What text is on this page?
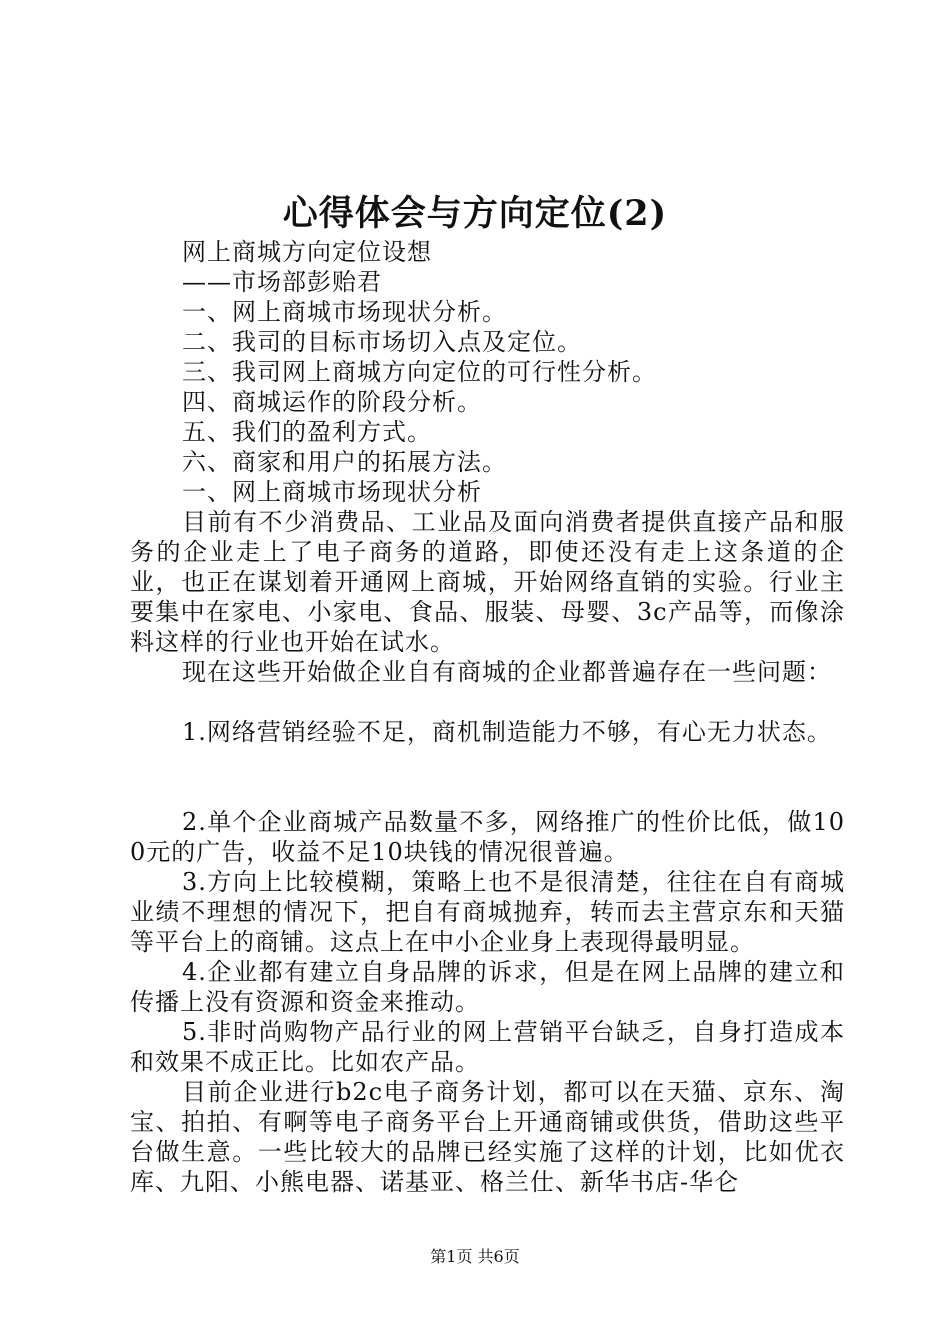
心得体会与方向定位(2)

网上商城方向定位设想

——市场部彭贻君

一、网上商城市场现状分析。

二、我司的目标市场切入点及定位。

三、我司网上商城方向定位的可行性分析。

四、商城运作的阶段分析。

五、我们的盈利方式。

六、商家和用户的拓展方法。

一、网上商城市场现状分析

目前有不少消费品、工业品及面向消费者提供直接产品和服务的企业走上了电子商务的道路，即使还没有走上这条道的企业，也正在谋划着开通网上商城，开始网络直销的实验。行业主要集中在家电、小家电、食品、服装、母婴、3c产品等，而像涂料这样的行业也开始在试水。

现在这些开始做企业自有商城的企业都普遍存在一些问题：

1.网络营销经验不足，商机制造能力不够，有心无力状态。

2.单个企业商城产品数量不多，网络推广的性价比低，做100元的广告，收益不足10块钱的情况很普遍。

3.方向上比较模糊，策略上也不是很清楚，往往在自有商城业绩不理想的情况下，把自有商城抛弃，转而去主营京东和天猫等平台上的商铺。这点上在中小企业身上表现得最明显。

4.企业都有建立自身品牌的诉求，但是在网上品牌的建立和传播上没有资源和资金来推动。

5.非时尚购物产品行业的网上营销平台缺乏，自身打造成本和效果不成正比。比如农产品。

目前企业进行b2c电子商务计划，都可以在天猫、京东、淘宝、拍拍、有啊等电子商务平台上开通商铺或供货，借助这些平台做生意。一些比较大的品牌已经实施了这样的计划，比如优衣库、九阳、小熊电器、诺基亚、格兰仕、新华书店-华仑

第1页 共6页
